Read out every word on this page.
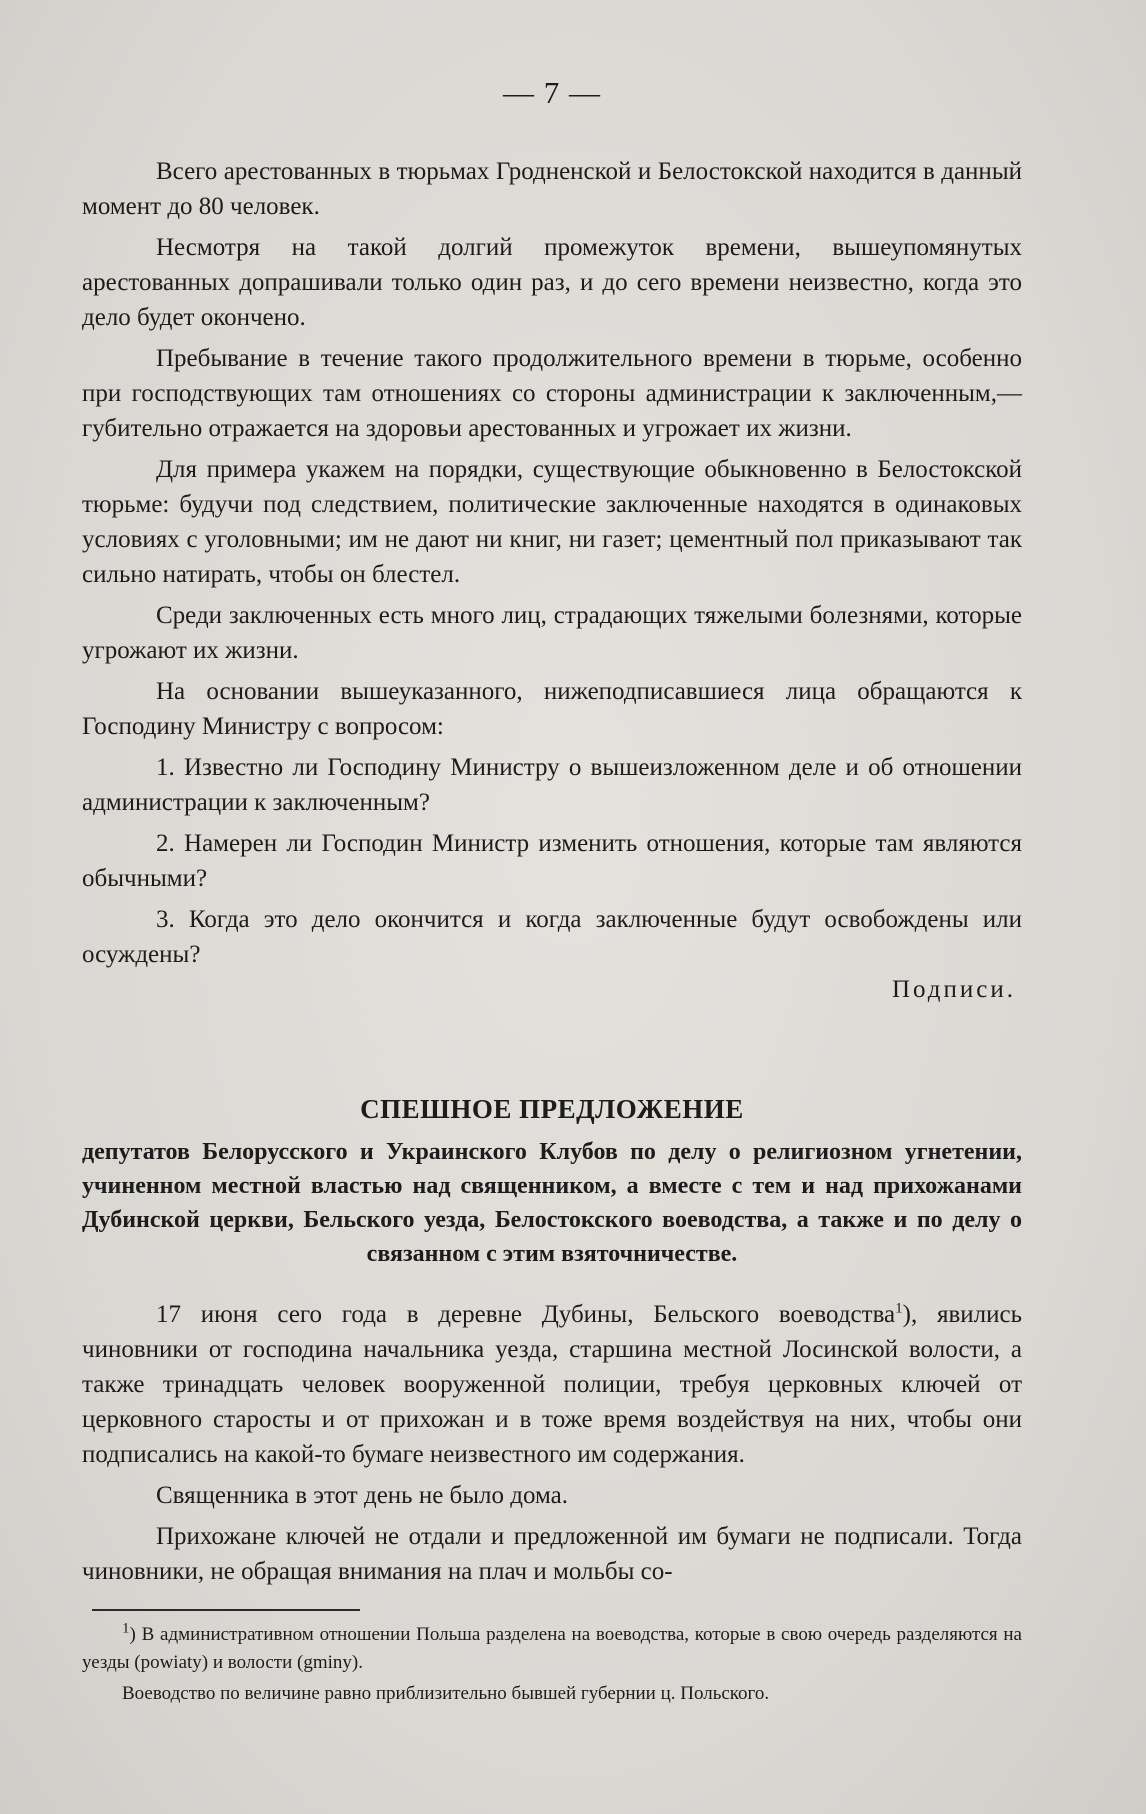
— 7 —

Всего арестованных в тюрьмах Гродненской и Белостокской находится в данный момент до 80 человек.

Несмотря на такой долгий промежуток времени, вышеупомянутых арестованных допрашивали только один раз, и до сего времени неизвестно, когда это дело будет окончено.

Пребывание в течение такого продолжительного времени в тюрьме, особенно при господствующих там отношениях со стороны администрации к заключенным,—губительно отражается на здоровьи арестованных и угрожает их жизни.

Для примера укажем на порядки, существующие обыкновенно в Белостокской тюрьме: будучи под следствием, политические заключенные находятся в одинаковых условиях с уголовными; им не дают ни книг, ни газет; цементный пол приказывают так сильно натирать, чтобы он блестел.

Среди заключенных есть много лиц, страдающих тяжелыми болезнями, которые угрожают их жизни.

На основании вышеуказанного, нижеподписавшиеся лица обращаются к Господину Министру с вопросом:

1. Известно ли Господину Министру о вышеизложенном деле и об отношении администрации к заключенным?

2. Намерен ли Господин Министр изменить отношения, которые там являются обычными?

3. Когда это дело окончится и когда заключенные будут освобождены или осуждены?

Подписи.
СПЕШНОЕ ПРЕДЛОЖЕНИЕ
депутатов Белорусского и Украинского Клубов по делу о религиозном угнетении, учиненном местной властью над священником, а вместе с тем и над прихожанами Дубинской церкви, Бельского уезда, Белостокского воеводства, а также и по делу о связанном с этим взяточничестве.

17 июня сего года в деревне Дубины, Бельского воеводства$^1$), явились чиновники от господина начальника уезда, старшина местной Лосинской волости, а также тринадцать человек вооруженной полиции, требуя церковных ключей от церковного старосты и от прихожан и в тоже время воздействуя на них, чтобы они подписались на какой-то бумаге неизвестного им содержания.

Священника в этот день не было дома.

Прихожане ключей не отдали и предложенной им бумаги не подписали. Тогда чиновники, не обращая внимания на плач и мольбы со-

$^1$) В административном отношении Польша разделена на воеводства, которые в свою очередь разделяются на уезды (powiaty) и волости (gminy).

Воеводство по величине равно приблизительно бывшей губернии ц. Польского.
